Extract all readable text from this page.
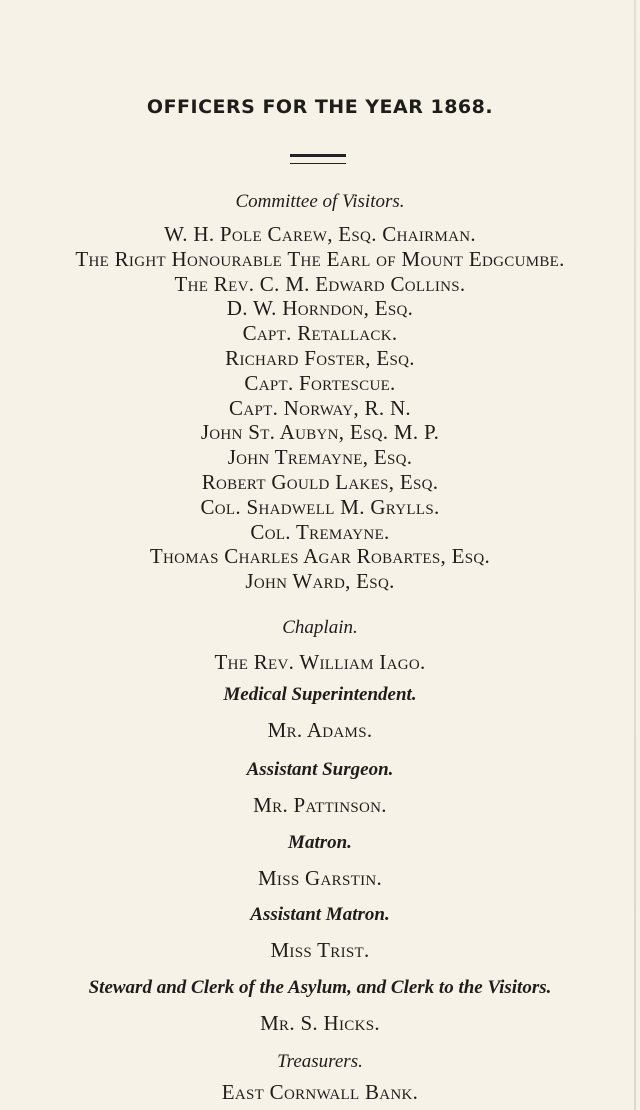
OFFICERS FOR THE YEAR 1868.
Committee of Visitors.
W. H. Pole Carew, Esq. Chairman.
The Right Honourable The Earl of Mount Edgcumbe.
The Rev. C. M. Edward Collins.
D. W. Horndon, Esq.
Capt. Retallack.
Richard Foster, Esq.
Capt. Fortescue.
Capt. Norway, R. N.
John St. Aubyn, Esq. M. P.
John Tremayne, Esq.
Robert Gould Lakes, Esq.
Col. Shadwell M. Grylls.
Col. Tremayne.
Thomas Charles Agar Robartes, Esq.
John Ward, Esq.
Chaplain.
The Rev. William Iago.
Medical Superintendent.
Mr. Adams.
Assistant Surgeon.
Mr. Pattinson.
Matron.
Miss Garstin.
Assistant Matron.
Miss Trist.
Steward and Clerk of the Asylum, and Clerk to the Visitors.
Mr. S. Hicks.
Treasurers.
East Cornwall Bank.
